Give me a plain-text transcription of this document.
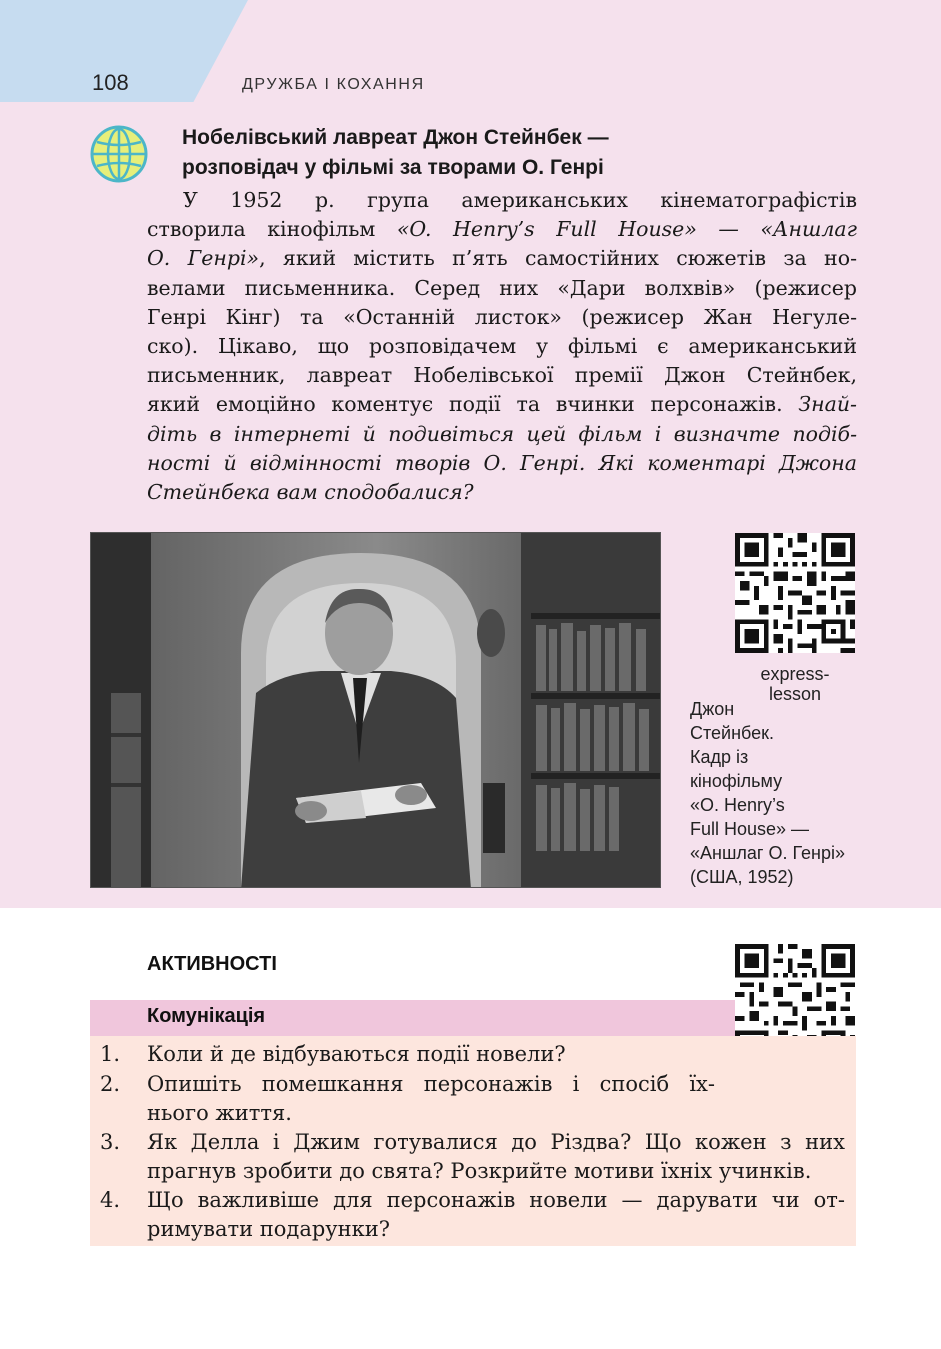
108	ДРУЖБА І КОХАННЯ
Нобелівський лавреат Джон Стейнбек —
розповідач у фільмі за творами О. Генрі
У 1952 р. група американських кінематографістів
створила кінофільм «O. Henry’s Full House» — «Аншлаг
О. Генрі», який містить п’ять самостійних сюжетів за но-
велами письменника. Серед них «Дари волхвів» (режисер
Генрі Кінг) та «Останній листок» (режисер Жан Негуле-
ско). Цікаво, що розповідачем у фільмі є американський
письменник, лавреат Нобелівської премії Джон Стейнбек,
який емоційно коментує події та вчинки персонажів. Знай-
діть в інтернеті й подивіться цей фільм і визначте подіб-
ності й відмінності творів О. Генрі. Які коментарі Джона
Стейнбека вам сподобалися?
express-
lesson
Джон
Стейнбек.
Кадр із
кінофільму
«O. Henry’s
Full House» —
«Аншлаг О. Генрі»
(США, 1952)
АКТИВНОСТІ
Комунікація
1.	Коли й де відбуваються події новели?
2.	Опишіть помешкання персонажів і спосіб їх-
нього життя.
3.	Як Делла і Джим готувалися до Різдва? Що кожен з них
прагнув зробити до свята? Розкрийте мотиви їхніх учинків.
4.	Що важливіше для персонажів новели — дарувати чи от-
римувати подарунки?
